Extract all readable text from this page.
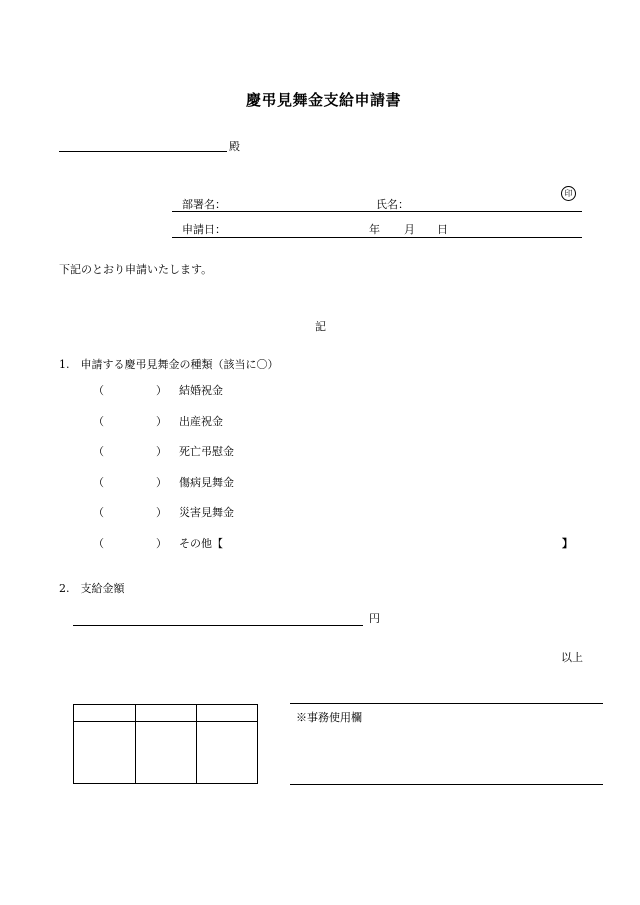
慶弔見舞金支給申請書
殿
部署名：	氏名：
印
申請日：	年 月 日
下記のとおり申請いたします。
記
1.　申請する慶弔見舞金の種類（該当に〇）
（	） 結婚祝金
（	） 出産祝金
（	） 死亡弔慰金
（	） 傷病見舞金
（	） 災害見舞金
（	） その他【	】
2.　支給金額
円
以上

※事務使用欄
